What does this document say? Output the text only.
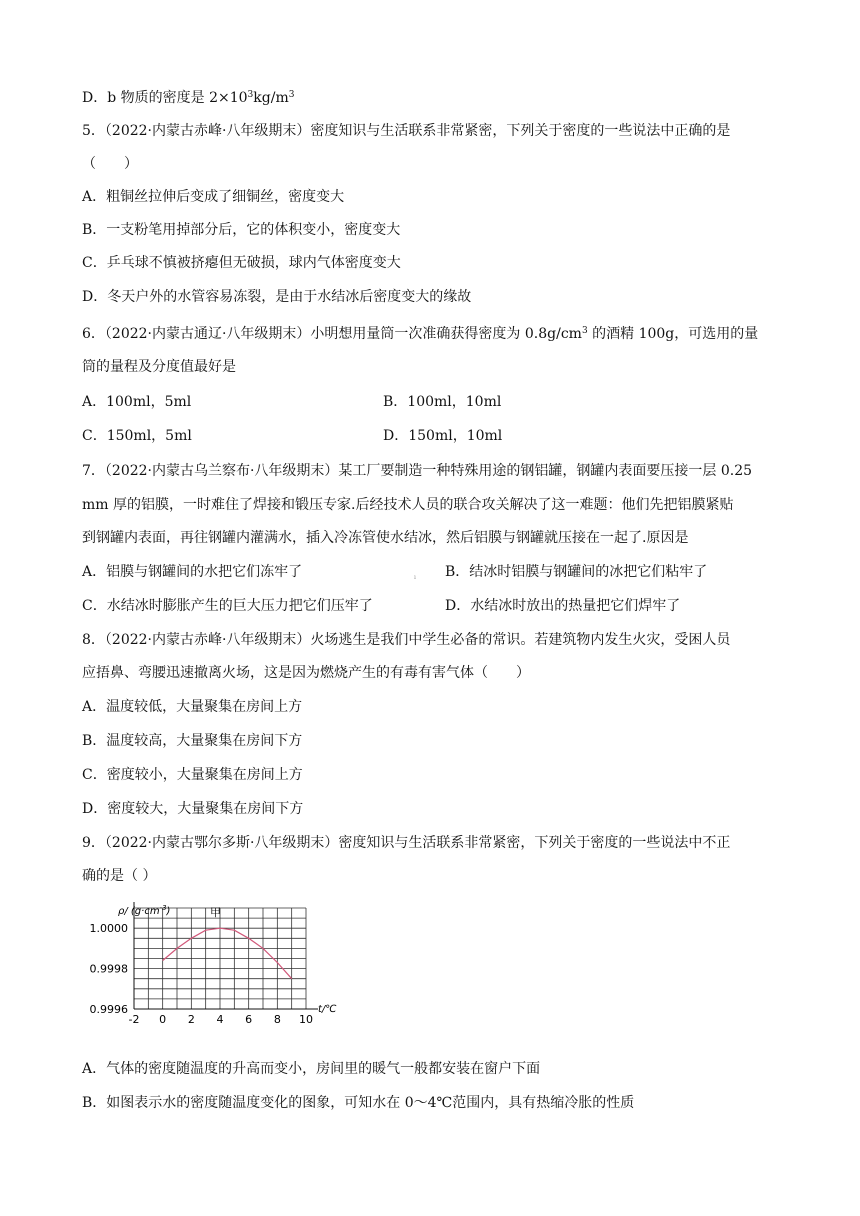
D．b 物质的密度是 $2\times 10^3kg/m^3$
5．（2022·内蒙古赤峰·八年级期末）密度知识与生活联系非常紧密，下列关于密度的一些说法中正确的是
（　　）
A．粗铜丝拉伸后变成了细铜丝，密度变大
B．一支粉笔用掉部分后，它的体积变小，密度变大
C．乒乓球不慎被挤瘪但无破损，球内气体密度变大
D．冬天户外的水管容易冻裂，是由于水结冰后密度变大的缘故
6．（2022·内蒙古通辽·八年级期末）小明想用量筒一次准确获得密度为 $0.8g/cm^3$ 的酒精 100g，可选用的量
筒的量程及分度值最好是
A．100ml，5ml	B．100ml，10ml
C．150ml，5ml	D．150ml，10ml
7．（2022·内蒙古乌兰察布·八年级期末）某工厂要制造一种特殊用途的钢铝罐，钢罐内表面要压接一层 0.25
mm 厚的铝膜，一时难住了焊接和锻压专家.后经技术人员的联合攻关解决了这一难题：他们先把铝膜紧贴
到钢罐内表面，再往钢罐内灌满水，插入冷冻管使水结冰，然后铝膜与钢罐就压接在一起了.原因是
A．铝膜与钢罐间的水把它们冻牢了	ı B．结冰时铝膜与钢罐间的冰把它们粘牢了
C．水结冰时膨胀产生的巨大压力把它们压牢了	D．水结冰时放出的热量把它们焊牢了
8．（2022·内蒙古赤峰·八年级期末）火场逃生是我们中学生必备的常识。若建筑物内发生火灾，受困人员
应捂鼻、弯腰迅速撤离火场，这是因为燃烧产生的有毒有害气体（　　）
A．温度较低，大量聚集在房间上方
B．温度较高，大量聚集在房间下方
C．密度较小，大量聚集在房间上方
D．密度较大，大量聚集在房间下方
9．（2022·内蒙古鄂尔多斯·八年级期末）密度知识与生活联系非常紧密，下列关于密度的一些说法中不正
确的是（ ）
-2 0 2 4 6 8 10
1.0000
0.9998
0.9996
ρ/ $(g\cdot cm^{-3})$	甲
t/℃
A．气体的密度随温度的升高而变小，房间里的暖气一般都安装在窗户下面
B．如图表示水的密度随温度变化的图象，可知水在 0～4℃范围内，具有热缩冷胀的性质
